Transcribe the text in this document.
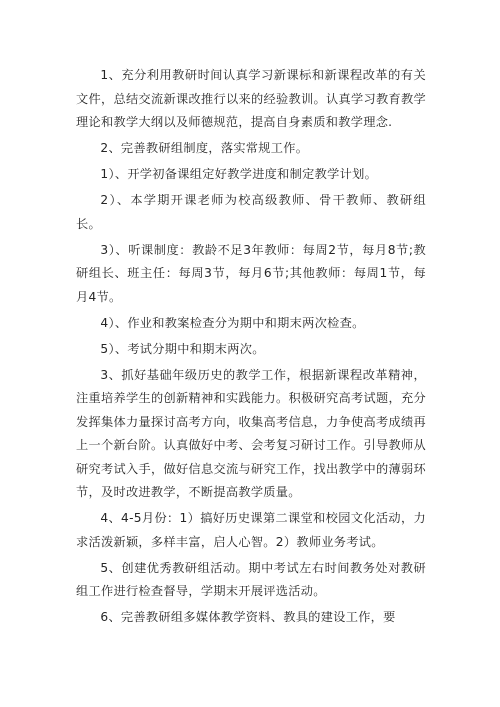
1、充分利用教研时间认真学习新课标和新课程改革的有关文件，总结交流新课改推行以来的经验教训。认真学习教育教学理论和教学大纲以及师德规范，提高自身素质和教学理念.

2、完善教研组制度，落实常规工作。

1）、开学初备课组定好教学进度和制定教学计划。

2）、本学期开课老师为校高级教师、骨干教师、教研组长。

3）、听课制度：教龄不足3年教师：每周2节，每月8节;教研组长、班主任：每周3节，每月6节;其他教师：每周1节，每月4节。

4）、作业和教案检查分为期中和期末两次检查。

5）、考试分期中和期末两次。

3、抓好基础年级历史的教学工作，根据新课程改革精神，注重培养学生的创新精神和实践能力。积极研究高考试题，充分发挥集体力量探讨高考方向，收集高考信息，力争使高考成绩再上一个新台阶。认真做好中考、会考复习研讨工作。引导教师从研究考试入手，做好信息交流与研究工作，找出教学中的薄弱环节，及时改进教学，不断提高教学质量。

4、4-5月份：1）搞好历史课第二课堂和校园文化活动，力求活泼新颖，多样丰富，启人心智。2）教师业务考试。

5、创建优秀教研组活动。期中考试左右时间教务处对教研组工作进行检查督导，学期末开展评选活动。

6、完善教研组多媒体教学资料、教具的建设工作，要
